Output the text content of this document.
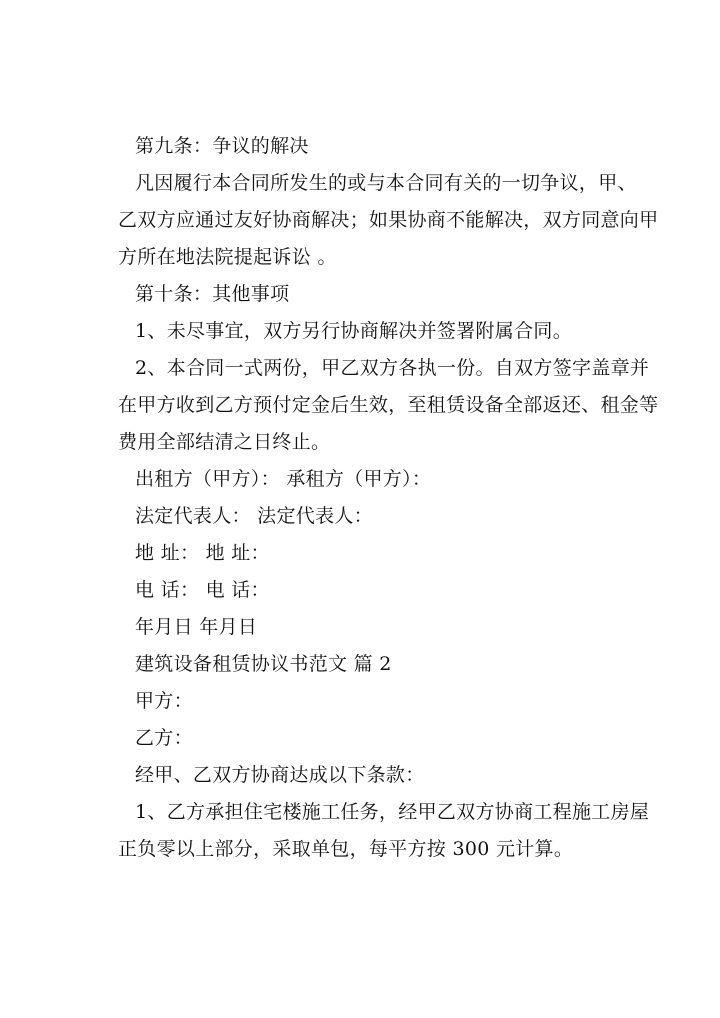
第九条：争议的解决
凡因履行本合同所发生的或与本合同有关的一切争议，甲、
乙双方应通过友好协商解决；如果协商不能解决，双方同意向甲
方所在地法院提起诉讼 。
第十条：其他事项
1、未尽事宜，双方另行协商解决并签署附属合同。
2、本合同一式两份，甲乙双方各执一份。自双方签字盖章并
在甲方收到乙方预付定金后生效，至租赁设备全部返还、租金等
费用全部结清之日终止。
出租方（甲方）： 承租方（甲方）：
法定代表人： 法定代表人：
地 址： 地 址：
电 话： 电 话：
年月日 年月日
建筑设备租赁协议书范文 篇 2
甲方：
乙方：
经甲、乙双方协商达成以下条款：
1、乙方承担住宅楼施工任务，经甲乙双方协商工程施工房屋
正负零以上部分，采取单包，每平方按 300 元计算。
